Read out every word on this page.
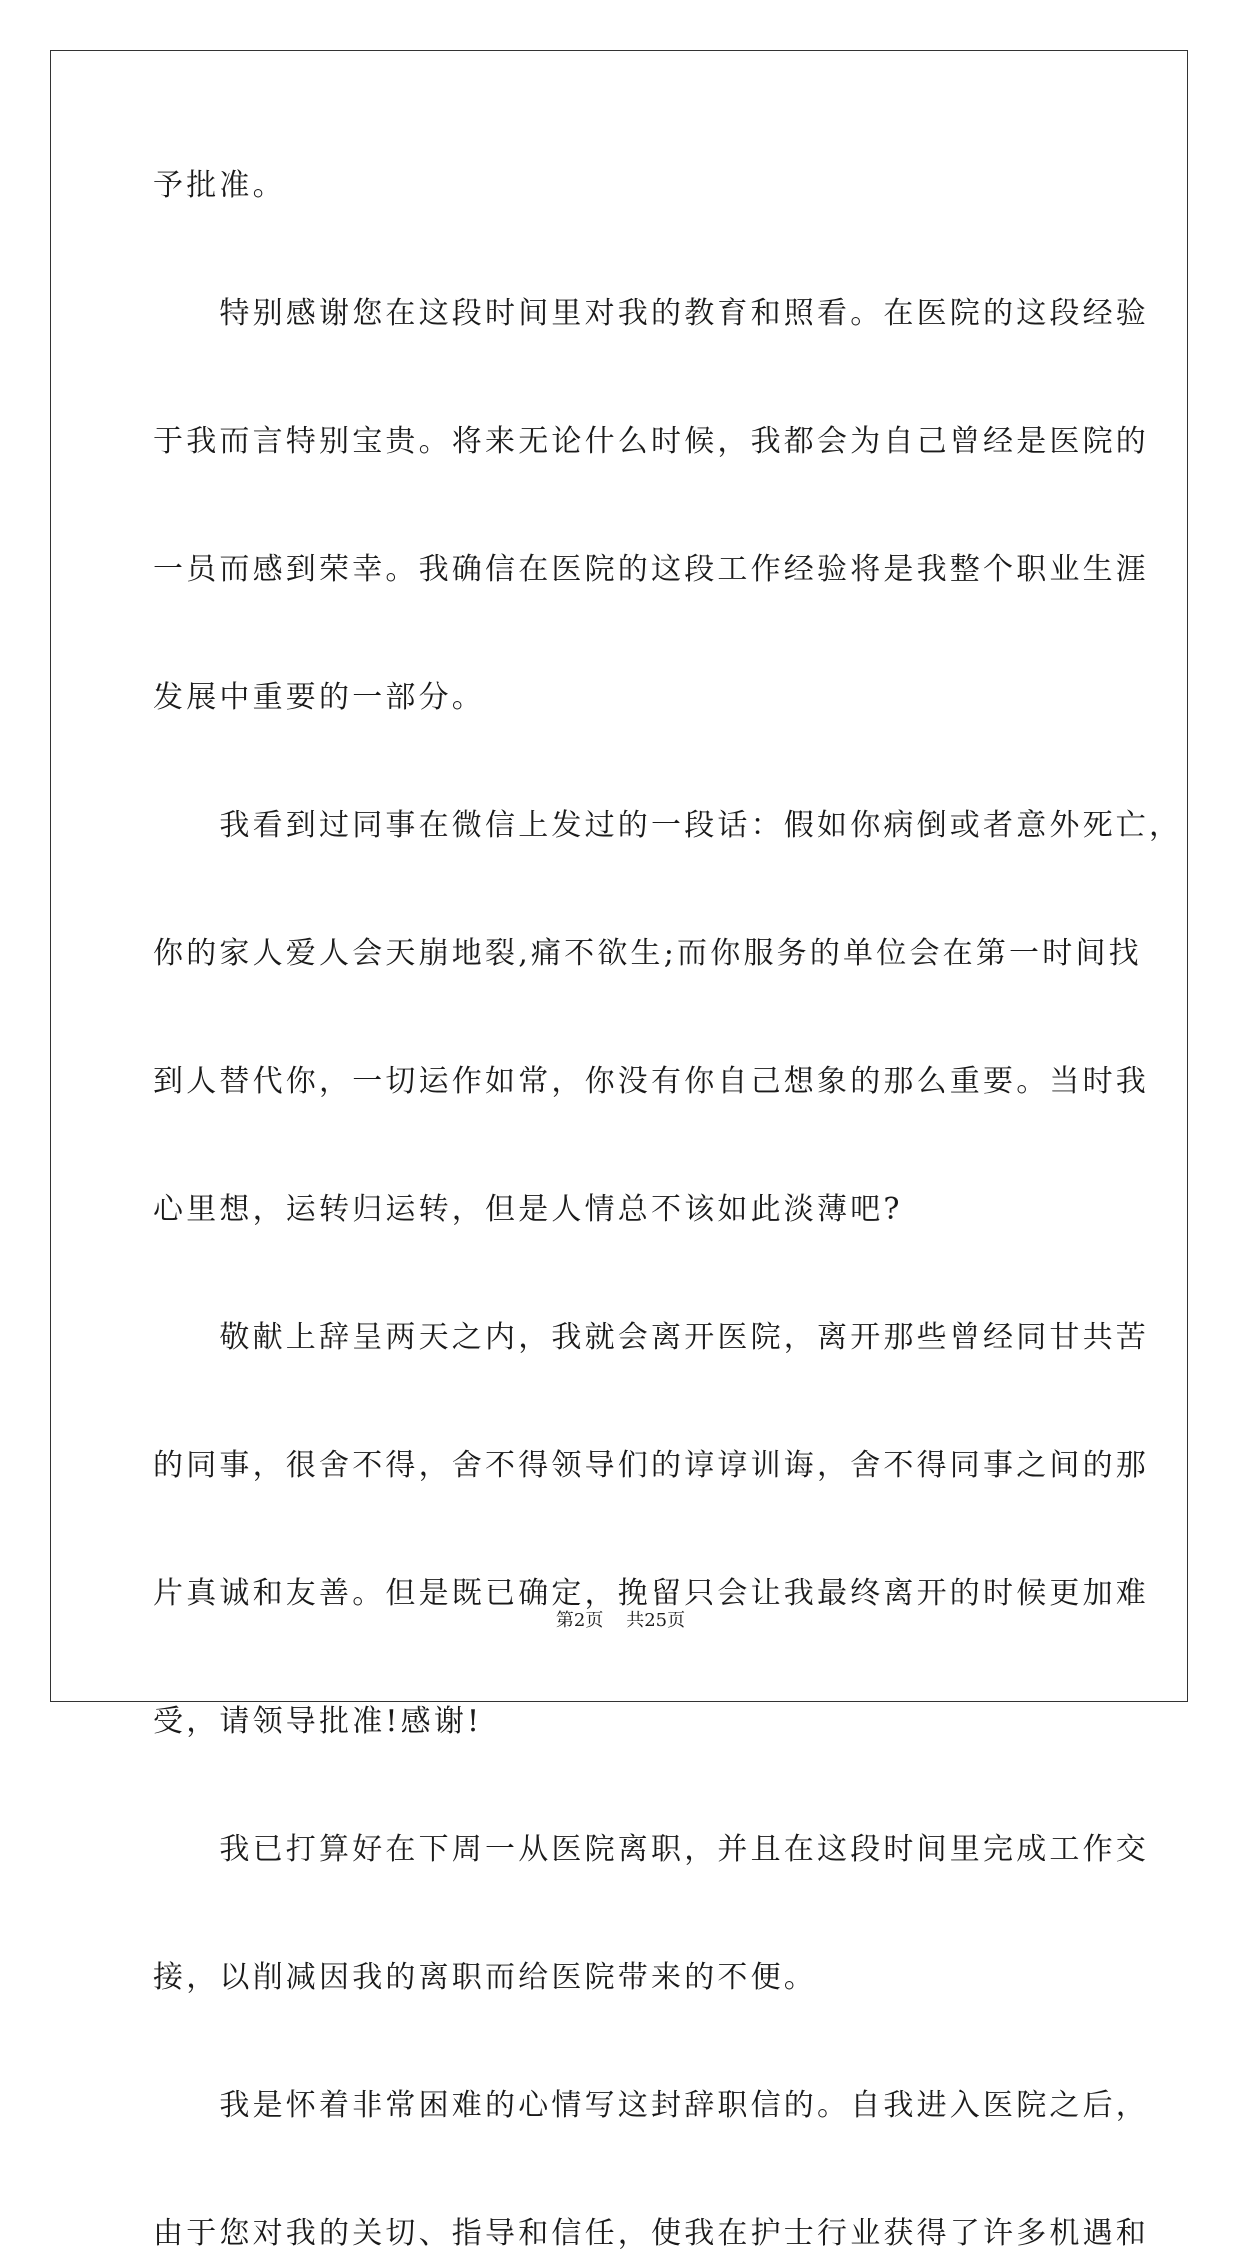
予批准。
　　特别感谢您在这段时间里对我的教育和照看。在医院的这段经验
于我而言特别宝贵。将来无论什么时候，我都会为自己曾经是医院的
一员而感到荣幸。我确信在医院的这段工作经验将是我整个职业生涯
发展中重要的一部分。
　　我看到过同事在微信上发过的一段话：假如你病倒或者意外死亡，
你的家人爱人会天崩地裂,痛不欲生;而你服务的单位会在第一时间找
到人替代你，一切运作如常，你没有你自己想象的那么重要。当时我
心里想，运转归运转，但是人情总不该如此淡薄吧?
　　敬献上辞呈两天之内，我就会离开医院，离开那些曾经同甘共苦
的同事，很舍不得，舍不得领导们的谆谆训诲，舍不得同事之间的那
片真诚和友善。但是既已确定，挽留只会让我最终离开的时候更加难
受，请领导批准!感谢!
　　我已打算好在下周一从医院离职，并且在这段时间里完成工作交
接，以削减因我的离职而给医院带来的不便。
　　我是怀着非常困难的心情写这封辞职信的。自我进入医院之后，
由于您对我的关切、指导和信任，使我在护士行业获得了许多机遇和
第2页 共25页
